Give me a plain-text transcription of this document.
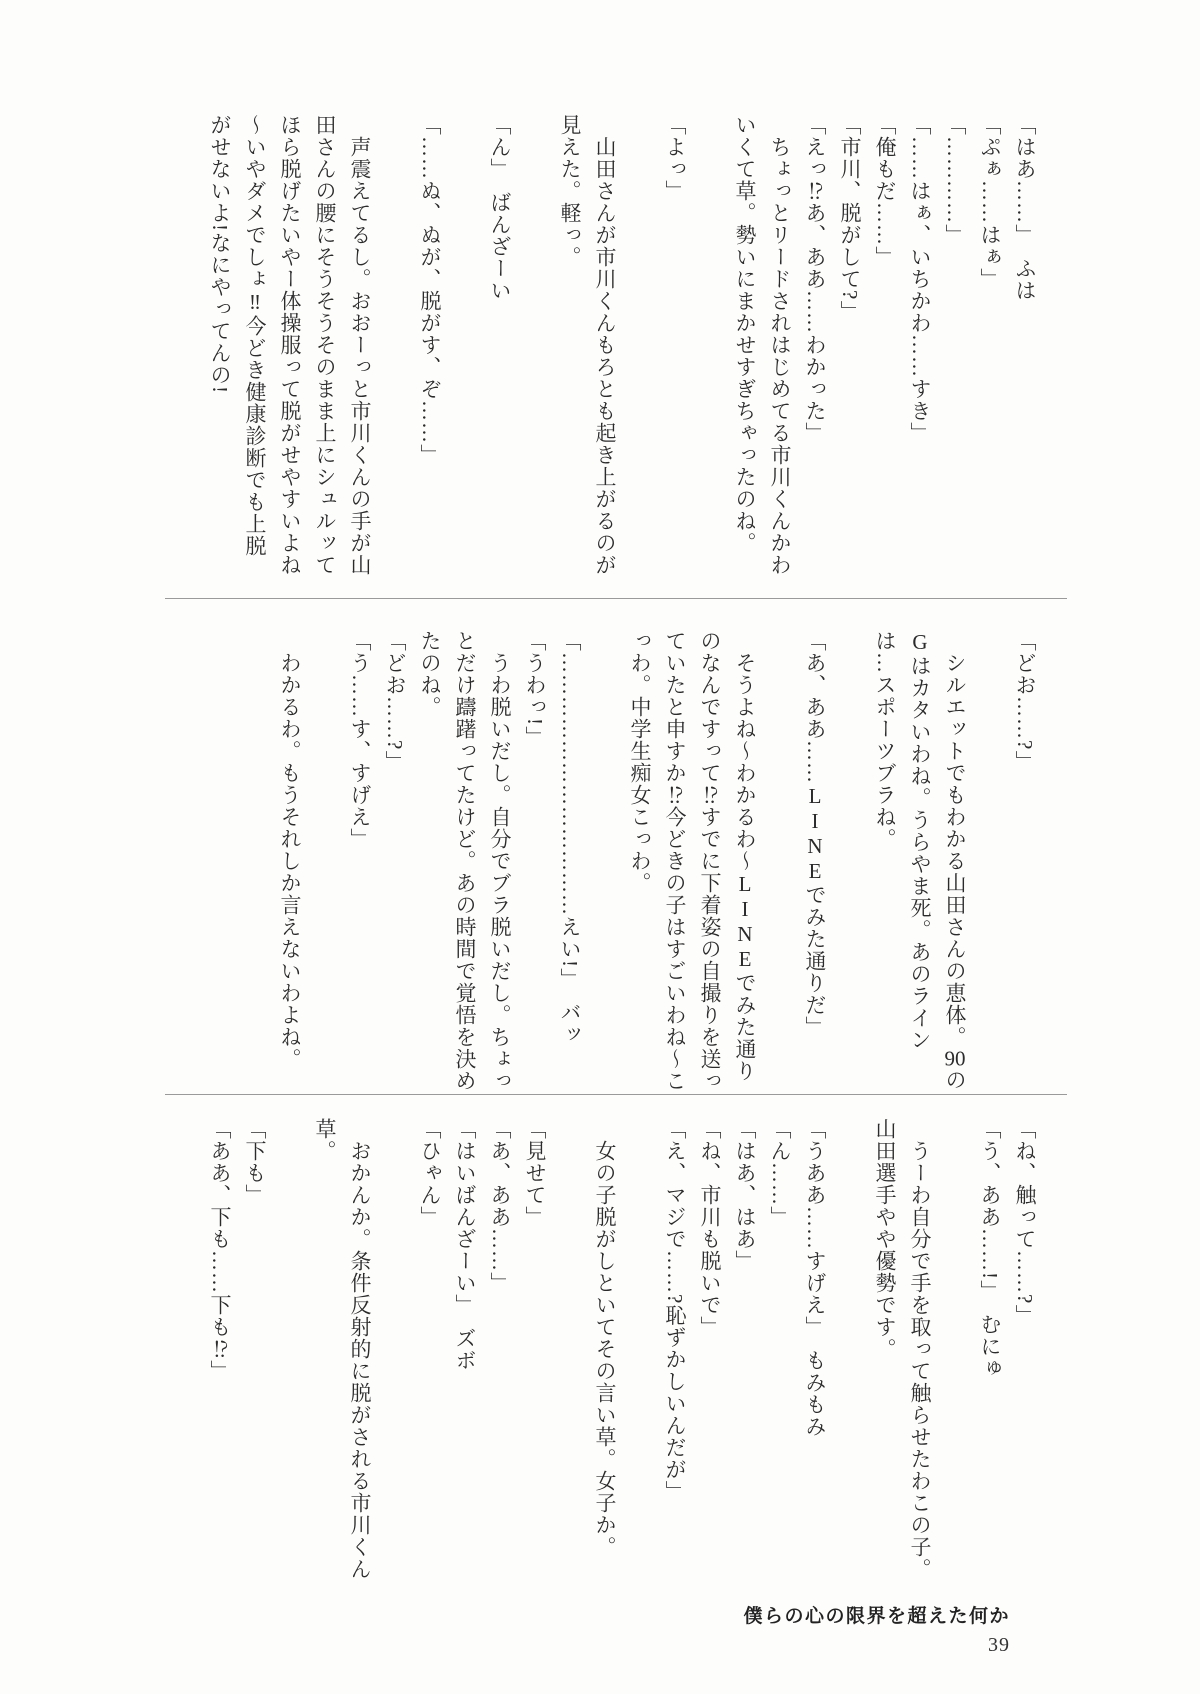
「はあ……」　ふは

「ぷぁ……はぁ」

「…………」

「……はぁ、いちかわ……すき」

「俺もだ……」

「市川、脱がして?」

「えっ⁉あ、ああ……わかった」

　ちょっとリードされはじめてる市川くんかわいくて草。勢いにまかせすぎちゃったのね。

「よっ」

　山田さんが市川くんもろとも起き上がるのが見えた。軽っ。

「ん」　ばんざーい

「……ぬ、ぬが、脱がす、ぞ……」

　声震えてるし。おおーっと市川くんの手が山田さんの腰にそうそうそのまま上にシュルッてほら脱げたいやー体操服って脱がせやすいよね～いやダメでしょ‼今どき健康診断でも上脱がせないよ!なにやってんの!

「どお……?」

　シルエットでもわかる山田さんの恵体。90のGはカタいわね。うらやま死。あのラインは…スポーツブラね。

「あ、ああ……LINEでみた通りだ」

　そうよね～わかるわ～LINEでみた通りのなんですって⁉すでに下着姿の自撮りを送っていたと申すか⁉今どきの子はすごいわね～こっわ。中学生痴女こっわ。

「………………………………えい!」　バッ

「うわっ!」

　うわ脱いだし。自分でブラ脱いだし。ちょっとだけ躊躇ってたけど。あの時間で覚悟を決めたのね。

「どお……?」

「う……す、すげえ」

　わかるわ。もうそれしか言えないわよね。

「ね、触って……?」

「う、ああ……!」　むにゅ

　うーわ自分で手を取って触らせたわこの子。山田選手やや優勢です。

「うああ……すげえ」　もみもみ

「ん……」

「はあ、はあ」

「ね、市川も脱いで」

「え、マジで……?恥ずかしいんだが」

　女の子脱がしといてその言い草。女子か。

「見せて」

「あ、ああ……」

「はいばんざーい」　ズボ

「ひゃん」

　おかんか。条件反射的に脱がされる市川くん草。

「下も」

「ああ、下も……下も⁉」

僕らの心の限界を超えた何か
39
